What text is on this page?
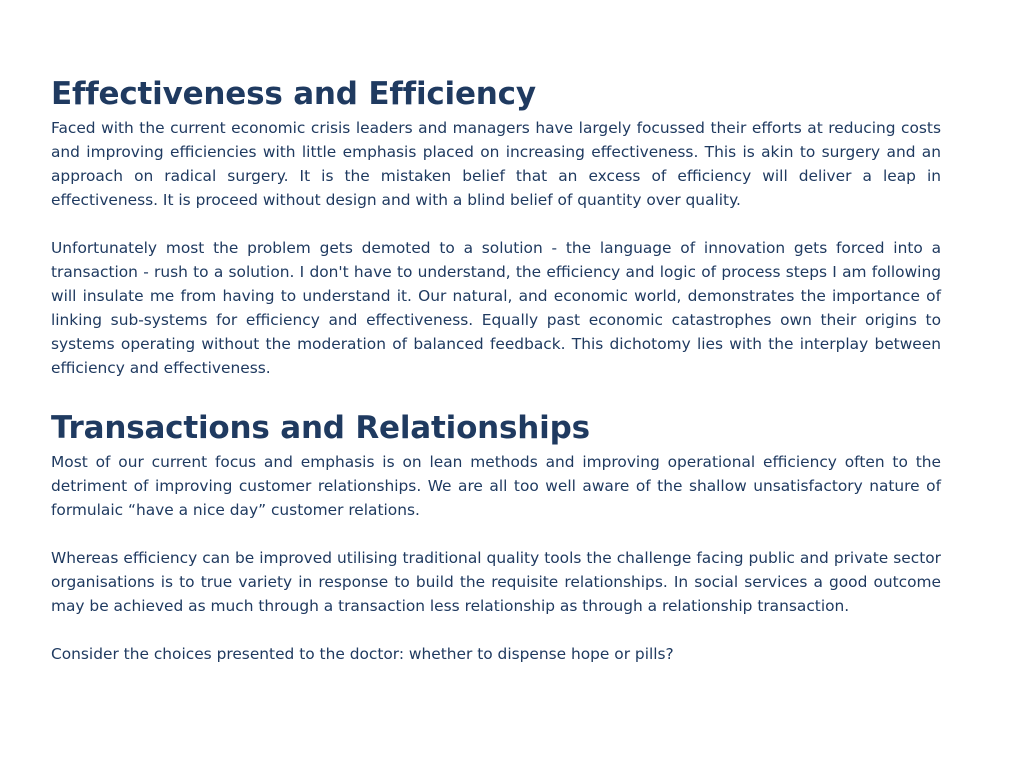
Effectiveness and Efficiency

Faced with the current economic crisis leaders and managers have largely focussed their efforts at reducing costs and improving efficiencies with little emphasis placed on increasing effectiveness. This is akin to surgery and an approach on radical surgery. It is the mistaken belief that an excess of efficiency will deliver a leap in effectiveness. It is proceed without design and with a blind belief of quantity over quality.

Unfortunately most the problem gets demoted to a solution - the language of innovation gets forced into a transaction - rush to a solution. I don't have to understand, the efficiency and logic of process steps I am following will insulate me from having to understand it. Our natural, and economic world, demonstrates the importance of linking sub-systems for efficiency and effectiveness. Equally past economic catastrophes own their origins to systems operating without the moderation of balanced feedback. This dichotomy lies with the interplay between efficiency and effectiveness.

Transactions and Relationships

Most of our current focus and emphasis is on lean methods and improving operational efficiency often to the detriment of improving customer relationships. We are all too well aware of the shallow unsatisfactory nature of formulaic “have a nice day” customer relations.

Whereas efficiency can be improved utilising traditional quality tools the challenge facing public and private sector organisations is to true variety in response to build the requisite relationships. In social services a good outcome may be achieved as much through a transaction less relationship as through a relationship transaction.

Consider the choices presented to the doctor: whether to dispense hope or pills?
